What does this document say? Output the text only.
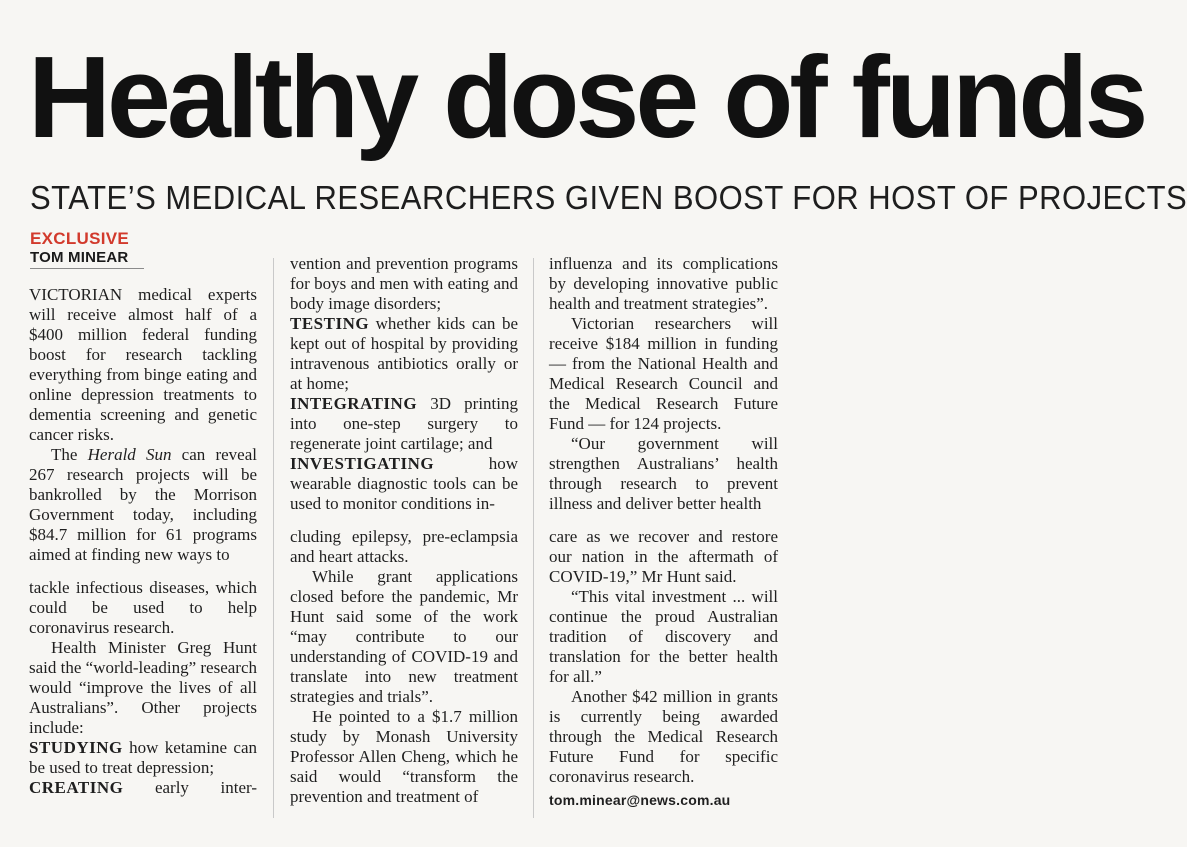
Healthy dose of funds
STATE’S MEDICAL RESEARCHERS GIVEN BOOST FOR HOST OF PROJECTS
EXCLUSIVE
TOM MINEAR

VICTORIAN medical experts will receive almost half of a $400 million federal funding boost for research tackling everything from binge eating and online depression treatments to dementia screening and genetic cancer risks.

The Herald Sun can reveal 267 research projects will be bankrolled by the Morrison Government today, including $84.7 million for 61 programs aimed at finding new ways to

tackle infectious diseases, which could be used to help coronavirus research.

Health Minister Greg Hunt said the “world-leading” research would “improve the lives of all Australians”. Other projects include:

STUDYING how ketamine can be used to treat depression;

CREATING early inter-

vention and prevention programs for boys and men with eating and body image disorders;

TESTING whether kids can be kept out of hospital by providing intravenous antibiotics orally or at home;

INTEGRATING 3D printing into one-step surgery to regenerate joint cartilage; and

INVESTIGATING how wearable diagnostic tools can be used to monitor conditions in-

cluding epilepsy, pre-eclampsia and heart attacks.

While grant applications closed before the pandemic, Mr Hunt said some of the work “may contribute to our understanding of COVID-19 and translate into new treatment strategies and trials”.

He pointed to a $1.7 million study by Monash University Professor Allen Cheng, which he said would “transform the prevention and treatment of

influenza and its complications by developing innovative public health and treatment strategies”.

Victorian researchers will receive $184 million in funding — from the National Health and Medical Research Council and the Medical Research Future Fund — for 124 projects.

“Our government will strengthen Australians’ health through research to prevent illness and deliver better health

care as we recover and restore our nation in the aftermath of COVID-19,” Mr Hunt said.

“This vital investment ... will continue the proud Australian tradition of discovery and translation for the better health for all.”

Another $42 million in grants is currently being awarded through the Medical Research Future Fund for specific coronavirus research.

tom.minear@news.com.au
